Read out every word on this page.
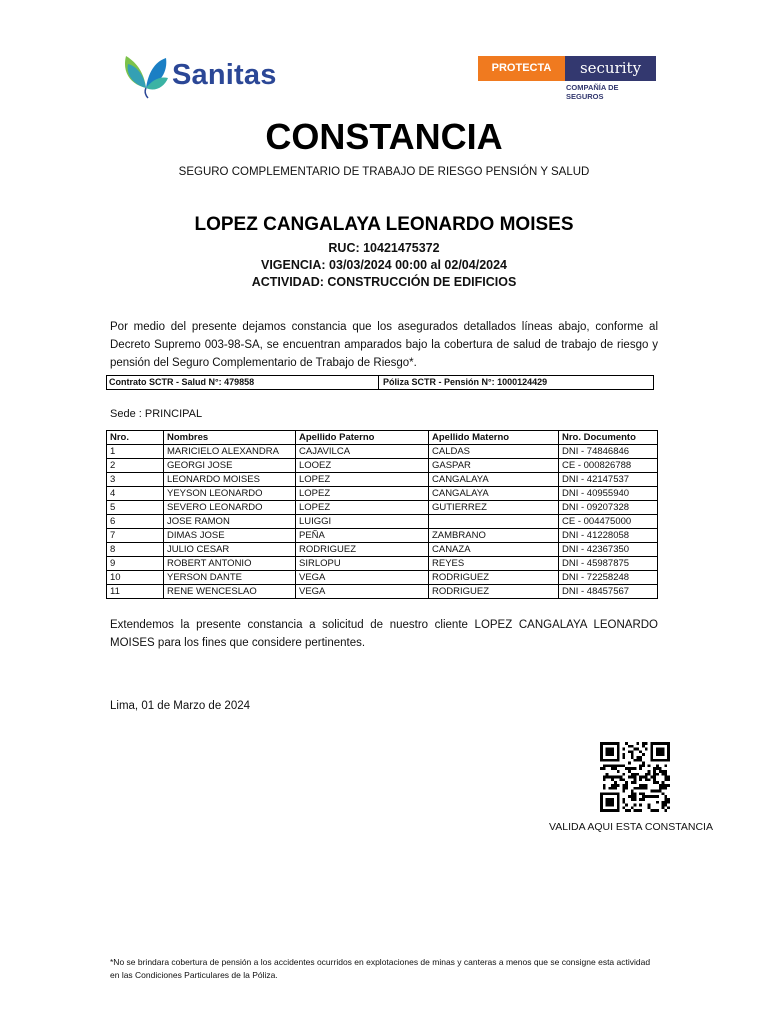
Sanitas	PROTECTA	security
COMPAÑÍA DE SEGUROS
CONSTANCIA
SEGURO COMPLEMENTARIO DE TRABAJO DE RIESGO PENSIÓN Y SALUD
LOPEZ CANGALAYA LEONARDO MOISES
RUC: 10421475372
VIGENCIA: 03/03/2024 00:00 al 02/04/2024
ACTIVIDAD: CONSTRUCCIÓN DE EDIFICIOS
Por medio del presente dejamos constancia que los asegurados detallados líneas abajo, conforme al Decreto Supremo 003-98-SA, se encuentran amparados bajo la cobertura de salud de trabajo de riesgo y pensión del Seguro Complementario de Trabajo de Riesgo*.
Contrato SCTR - Salud N°: 479858	Póliza SCTR - Pensión N°: 1000124429
Sede : PRINCIPAL
Nro.	Nombres	Apellido Paterno	Apellido Materno	Nro. Documento
1	MARICIELO ALEXANDRA	CAJAVILCA	CALDAS	DNI - 74846846
2	GEORGI JOSE	LOOEZ	GASPAR	CE - 000826788
3	LEONARDO MOISES	LOPEZ	CANGALAYA	DNI - 42147537
4	YEYSON LEONARDO	LOPEZ	CANGALAYA	DNI - 40955940
5	SEVERO LEONARDO	LOPEZ	GUTIERREZ	DNI - 09207328
6	JOSE RAMON	LUIGGI		CE - 004475000
7	DIMAS JOSE	PEÑA	ZAMBRANO	DNI - 41228058
8	JULIO CESAR	RODRIGUEZ	CANAZA	DNI - 42367350
9	ROBERT ANTONIO	SIRLOPU	REYES	DNI - 45987875
10	YERSON DANTE	VEGA	RODRIGUEZ	DNI - 72258248
11	RENE WENCESLAO	VEGA	RODRIGUEZ	DNI - 48457567
Extendemos la presente constancia a solicitud de nuestro cliente LOPEZ CANGALAYA LEONARDO MOISES para los fines que considere pertinentes.
Lima, 01 de Marzo de 2024
VALIDA AQUI ESTA CONSTANCIA
*No se brindara cobertura de pensión a los accidentes ocurridos en explotaciones de minas y canteras a menos que se consigne esta actividad en las Condiciones Particulares de la Póliza.
